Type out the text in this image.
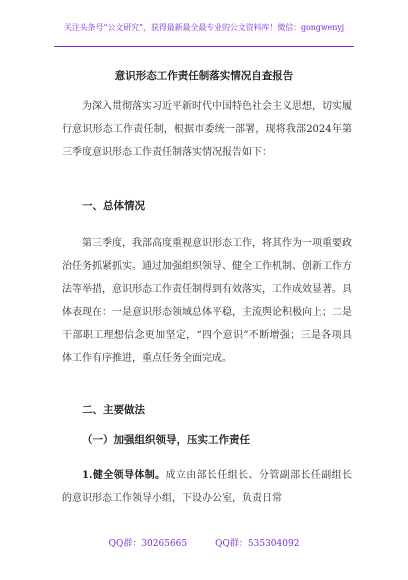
关注头条号“公文研究”，获得最新最全最专业的公文资料库！微信：gongwenyj
意识形态工作责任制落实情况自查报告

为深入贯彻落实习近平新时代中国特色社会主义思想，切实履行意识形态工作责任制，根据市委统一部署，现将我部2024年第三季度意识形态工作责任制落实情况报告如下：

一、总体情况

第三季度，我部高度重视意识形态工作，将其作为一项重要政治任务抓紧抓实。通过加强组织领导、健全工作机制、创新工作方法等举措，意识形态工作责任制得到有效落实，工作成效显著。具体表现在：一是意识形态领域总体平稳，主流舆论积极向上；二是干部职工理想信念更加坚定，“四个意识”不断增强；三是各项具体工作有序推进，重点任务全面完成。

二、主要做法
（一）加强组织领导，压实工作责任

1.健全领导体制。成立由部长任组长、分管副部长任副组长的意识形态工作领导小组，下设办公室，负责日常

QQ群：30265665	QQ群：535304092
